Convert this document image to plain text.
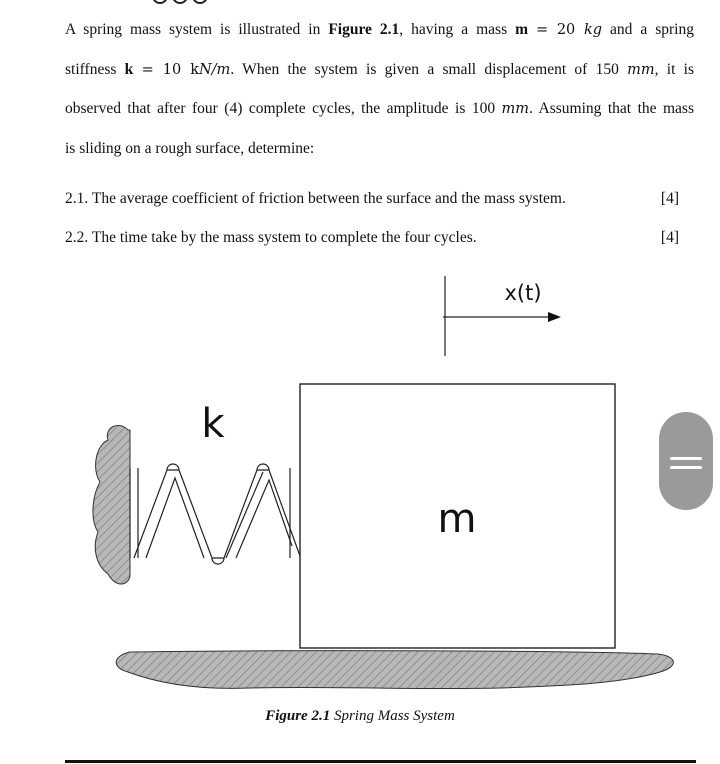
A spring mass system is illustrated in Figure 2.1, having a mass m = 20 kg and a spring
stiffness k = 10 kN/m. When the system is given a small displacement of 150 mm, it is
observed that after four (4) complete cycles, the amplitude is 100 mm. Assuming that the mass
is sliding on a rough surface, determine:
2.1. The average coefficient of friction between the surface and the mass system.	[4]
2.2. The time take by the mass system to complete the four cycles.	[4]
k
m
x(t)
Figure 2.1 Spring Mass System
